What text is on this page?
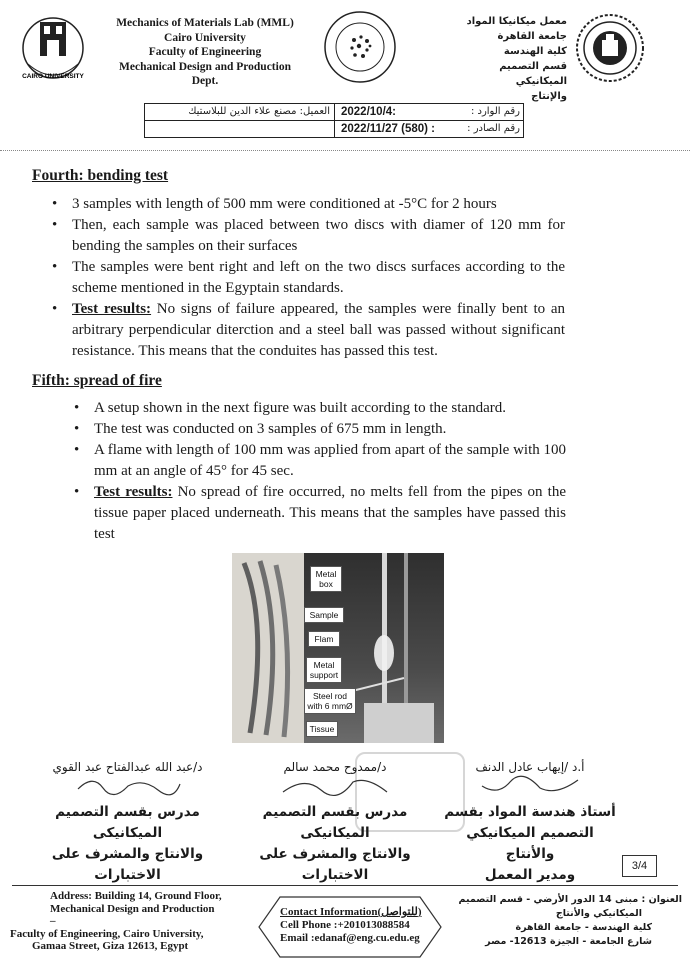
CAIRO UNIVERSITY
Mechanics of Materials Lab (MML)
Cairo University
Faculty of Engineering
Mechanical Design and Production
Dept.
معمل ميكانيكا المواد
جامعة القاهرة
كلية الهندسة
قسم التصميم الميكانيكي
والإنتاج
العميل: مصنع علاء الدين للبلاستيك 2022/10/4:	رقم الوارد :
2022/11/27 (580) :	رقم الصادر :
Fourth: bending test
• 3 samples with length of 500 mm were conditioned at -5°C for 2 hours
• Then, each sample was placed between two discs with diamer of 120 mm for bending the samples on their surfaces
• The samples were bent right and left on the two discs surfaces according to the scheme mentioned in the Egyptain standards.
• Test results: No signs of failure appeared, the samples were finally bent to an arbitrary perpendicular diterction and a steel ball was passed without significant resistance. This means that the conduites has passed this test.
Fifth: spread of fire
• A setup shown in the next figure was built according to the standard.
• The test was conducted on 3 samples of 675 mm in length.
• A flame with length of 100 mm was applied from apart of the sample with 100 mm at an angle of 45° for 45 sec.
• Test results: No spread of fire occurred, no melts fell from the pipes on the tissue paper placed underneath. This means that the samples have passed this test
Metal box
Sample
Flam
Metal support
Steel rod with 6 mmØ
Tissue
د/عبد الله عبدالفتاح عبد القوي
مدرس بقسم التصميم الميكانيكى
والانتاج والمشرف على
الاختبارات
د/ممدوح محمد سالم
مدرس بقسم التصميم الميكانيكى
والانتاج والمشرف على
الاختبارات
أ.د /إيهاب عادل الدنف
أستاذ هندسة المواد بقسم
التصميم الميكانيكي والأنتاج
ومدير المعمل
3/4
Address: Building 14, Ground Floor,
Mechanical Design and Production
–
Faculty of Engineering, Cairo University,
Gamaa Street, Giza 12613, Egypt
Contact Information(للتواصل)
Cell Phone :+201013088584
Email :edanaf@eng.cu.edu.eg
العنوان : مبنى 14 الدور الأرضي - قسم التصميم
الميكانيكي والأنتاج
كلية الهندسة - جامعة القاهرة
شارع الجامعة - الجيزة 12613- مصر
